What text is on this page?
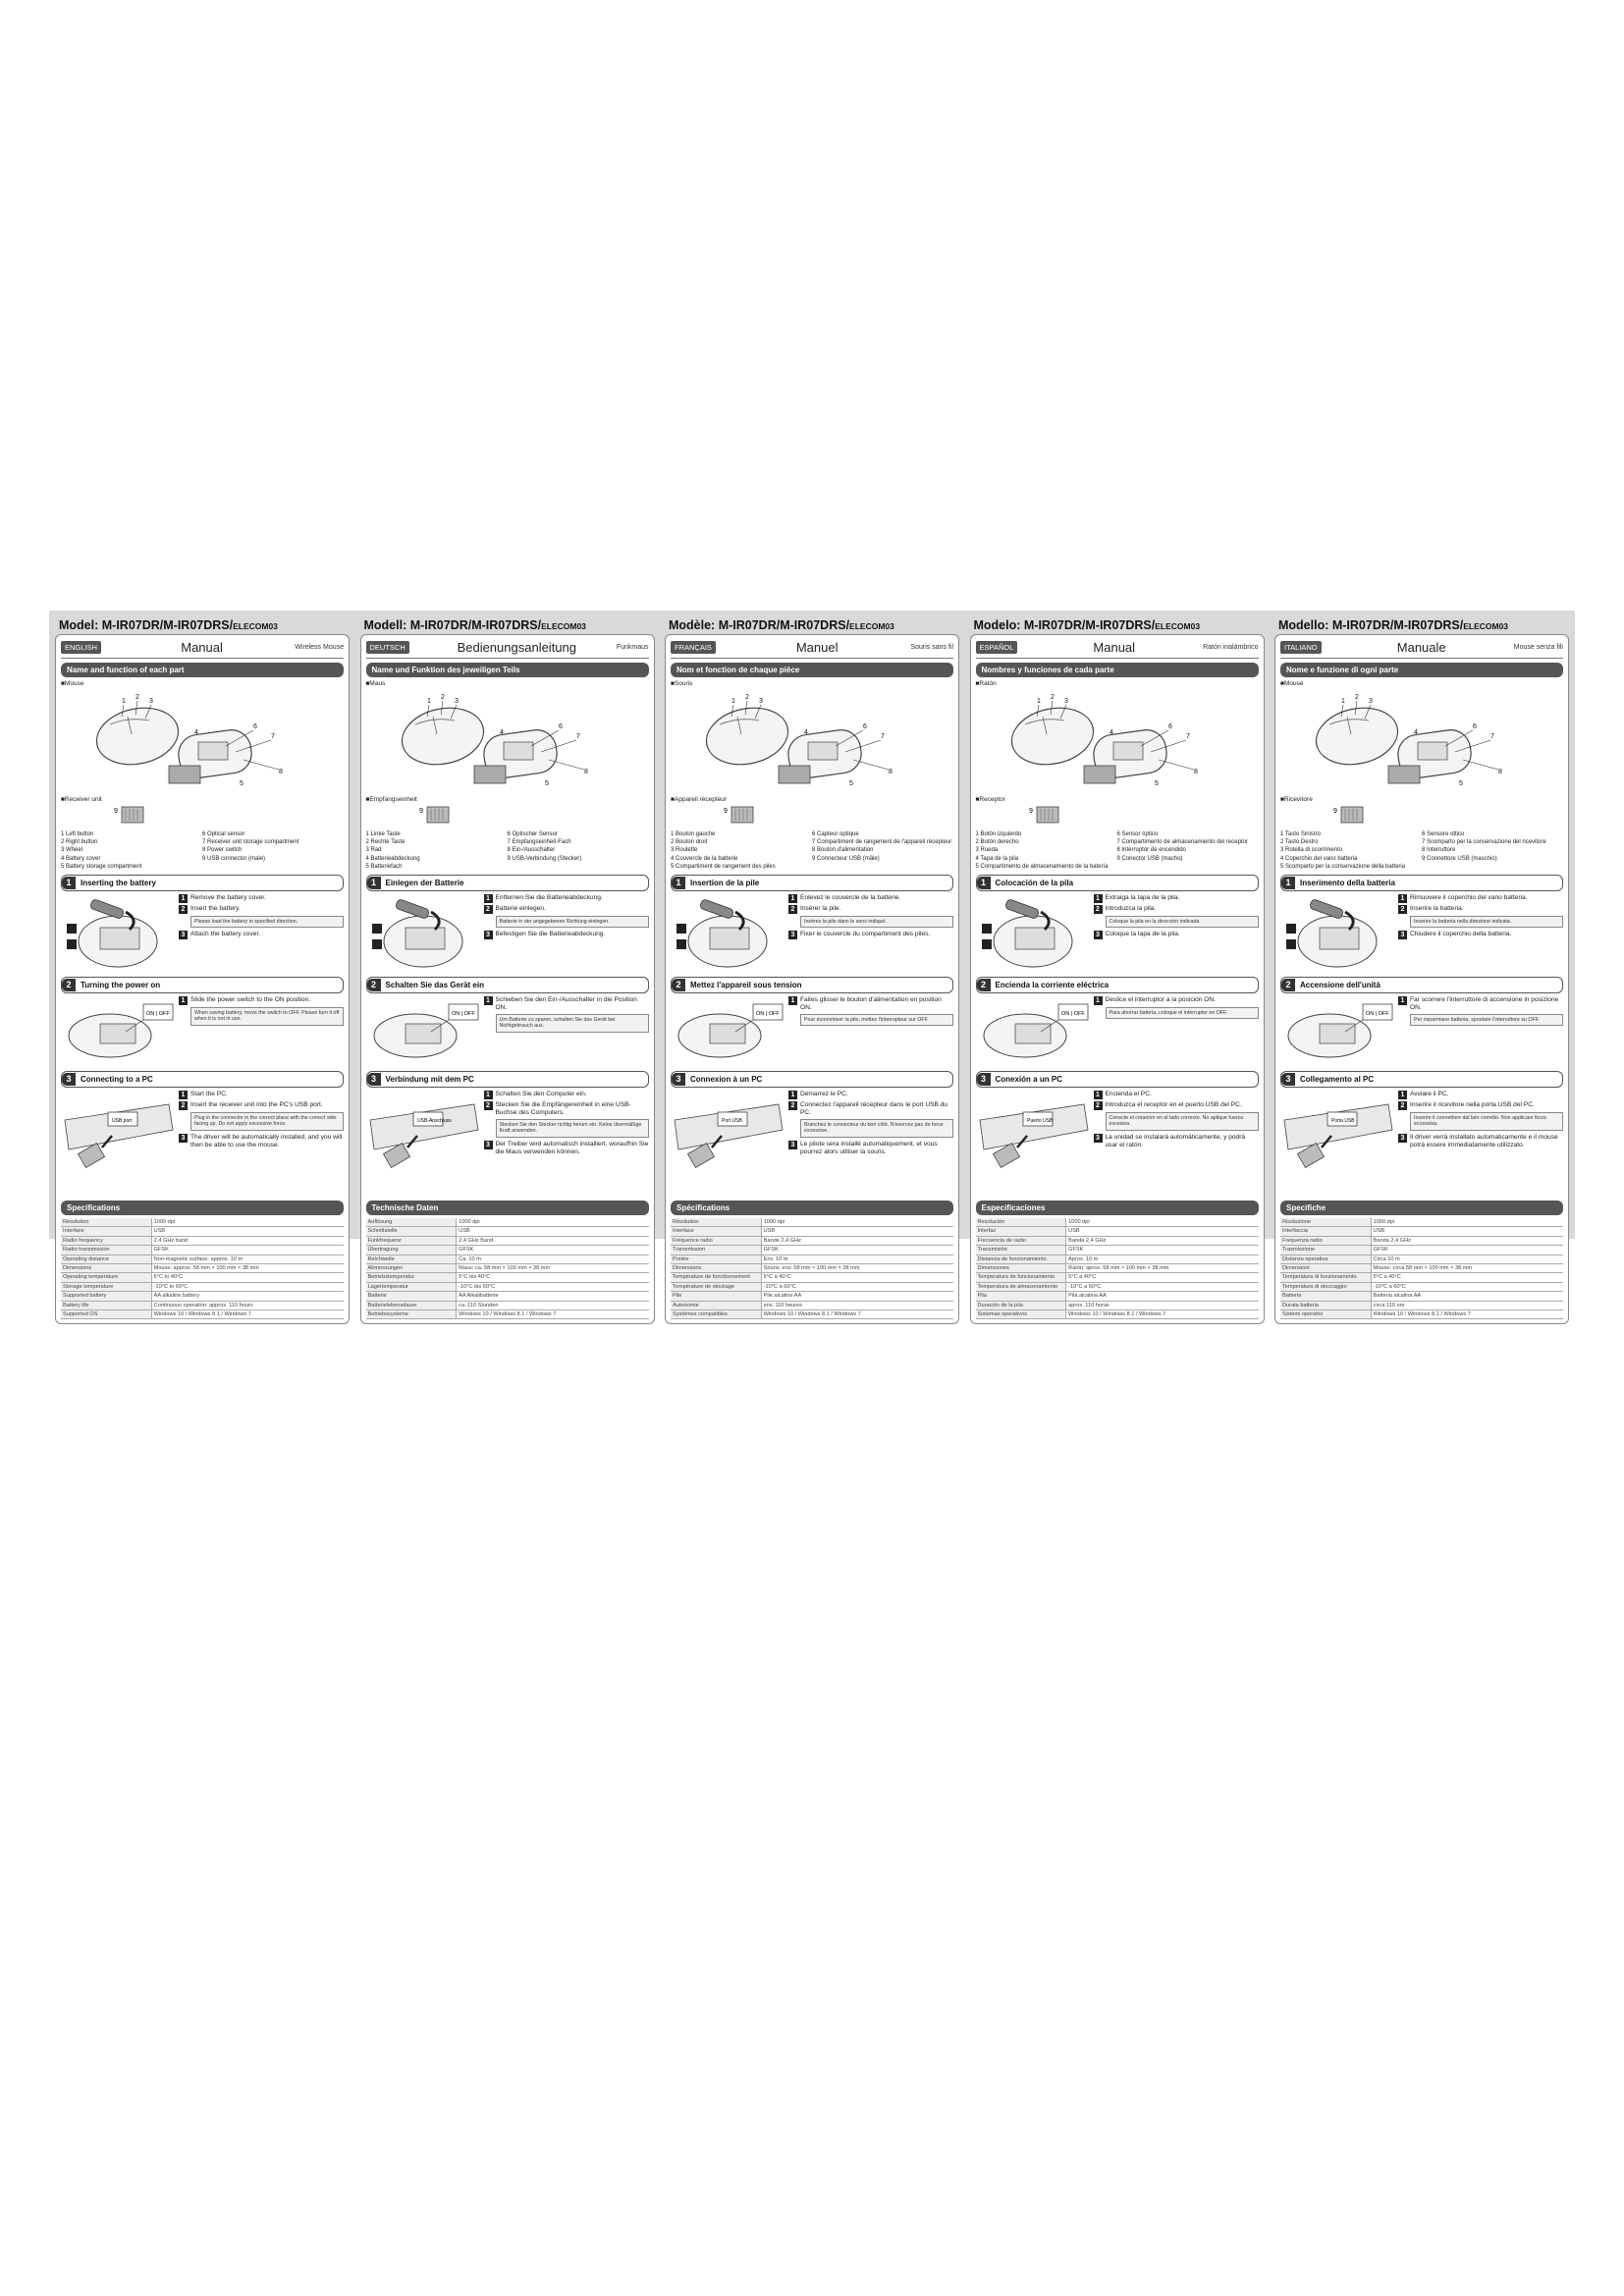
Model: M-IR07DR/M-IR07DRS/ELECOM03
ENGLISH	Manual	Wireless Mouse
Name and function of each part
■Mouse
1
2
3
4
5
6
7
8
■Receiver unit
9
1 Left button
2 Right button
3 Wheel
4 Battery cover
5 Battery storage compartment
6 Optical sensor
7 Receiver unit storage compartment
8 Power switch
9 USB connector (male)
1	Inserting the battery
1 Remove the battery cover.
2 Insert the battery.
Please load the battery in specified direction.
3 Attach the battery cover.
2	Turning the power on
ON | OFF
1 Slide the power switch to the ON position.
When saving battery, move the switch to OFF. Please turn it off when it is not in use.
3	Connecting to a PC
USB port
1 Start the PC.
2 Insert the receiver unit into the PC's USB port.
Plug in the connector in the correct place with the correct side facing up. Do not apply excessive force.
3 The driver will be automatically installed, and you will then be able to use the mouse.
Specifications
Resolution	1000 dpi
Interface	USB
Radio frequency	2.4 GHz band
Radio transmission	GFSK
Operating distance	Non-magnetic surface: approx. 10 m
Dimensions	Mouse: approx. 58 mm × 100 mm × 38 mm
Operating temperature	5°C to 40°C
Storage temperature	-10°C to 60°C
Supported battery	AA alkaline battery
Battery life	Continuous operation: approx. 110 hours
Supported OS	Windows 10 / Windows 8.1 / Windows 7
Modell: M-IR07DR/M-IR07DRS/ELECOM03
DEUTSCH	Bedienungsanleitung	Funkmaus
Name und Funktion des jeweiligen Teils
■Maus
1
2
3
4
5
6
7
8
■Empfangseinheit
9
1 Linke Taste
2 Rechte Taste
3 Rad
4 Batterieabdeckung
5 Batteriefach
6 Optischer Sensor
7 Empfangseinheit-Fach
8 Ein-/Ausschalter
9 USB-Verbindung (Stecker)
1	Einlegen der Batterie
1 Entfernen Sie die Batterieabdeckung.
2 Batterie einlegen.
Batterie in der angegebenen Richtung einlegen.
3 Befestigen Sie die Batterieabdeckung.
2	Schalten Sie das Gerät ein
ON | OFF
1 Schieben Sie den Ein-/Ausschalter in die Position ON.
Um Batterie zu sparen, schalten Sie das Gerät bei Nichtgebrauch aus.
3	Verbindung mit dem PC
USB-Anschluss
1 Schalten Sie den Computer ein.
2 Stecken Sie die Empfängereinheit in eine USB-Buchse des Computers.
Stecken Sie den Stecker richtig herum ein. Keine übermäßige Kraft anwenden.
3 Der Treiber wird automatisch installiert, woraufhin Sie die Maus verwenden können.
Technische Daten
Auflösung	1000 dpi
Schnittstelle	USB
Funkfrequenz	2,4 GHz Band
Übertragung	GFSK
Reichweite	Ca. 10 m
Abmessungen	Maus: ca. 58 mm × 100 mm × 38 mm
Betriebstemperatur	5°C bis 40°C
Lagertemperatur	-10°C bis 60°C
Batterie	AA Alkalibatterie
Batterielebensdauer	ca. 110 Stunden
Betriebssysteme	Windows 10 / Windows 8.1 / Windows 7
Modèle: M-IR07DR/M-IR07DRS/ELECOM03
FRANÇAIS	Manuel	Souris sans fil
Nom et fonction de chaque pièce
■Souris
1
2
3
4
5
6
7
8
■Appareil récepteur
9
1 Bouton gauche
2 Bouton droit
3 Roulette
4 Couvercle de la batterie
5 Compartiment de rangement des piles
6 Capteur optique
7 Compartiment de rangement de l'appareil récepteur
8 Bouton d'alimentation
9 Connecteur USB (mâle)
1	Insertion de la pile
1 Enlevez le couvercle de la batterie.
2 Insérer la pile.
Insérez la pile dans le sens indiqué.
3 Fixer le couvercle du compartiment des piles.
2	Mettez l'appareil sous tension
ON | OFF
1 Faites glisser le bouton d'alimentation en position ON.
Pour économiser la pile, mettez l'interrupteur sur OFF.
3	Connexion à un PC
Port USB
1 Démarrez le PC.
2 Connectez l'appareil récepteur dans le port USB du PC.
Branchez le connecteur du bon côté. N'exercez pas de force excessive.
3 Le pilote sera installé automatiquement, et vous pourrez alors utiliser la souris.
Spécifications
Résolution	1000 dpi
Interface	USB
Fréquence radio	Bande 2,4 GHz
Transmission	GFSK
Portée	Env. 10 m
Dimensions	Souris: env. 58 mm × 100 mm × 38 mm
Température de fonctionnement	5°C à 40°C
Température de stockage	-10°C à 60°C
Pile	Pile alcaline AA
Autonomie	env. 110 heures
Systèmes compatibles	Windows 10 / Windows 8.1 / Windows 7
Modelo: M-IR07DR/M-IR07DRS/ELECOM03
ESPAÑOL	Manual	Ratón inalámbrico
Nombres y funciones de cada parte
■Ratón
1
2
3
4
5
6
7
8
■Receptor
9
1 Botón izquierdo
2 Botón derecho
3 Rueda
4 Tapa de la pila
5 Compartimento de almacenamiento de la batería
6 Sensor óptico
7 Compartimento de almacenamiento del receptor
8 Interruptor de encendido
9 Conector USB (macho)
1	Colocación de la pila
1 Extraiga la tapa de la pila.
2 Introduzca la pila.
Coloque la pila en la dirección indicada.
3 Coloque la tapa de la pila.
2	Encienda la corriente eléctrica
ON | OFF
1 Deslice el interruptor a la posición ON.
Para ahorrar batería, coloque el interruptor en OFF.
3	Conexión a un PC
Puerto USB
1 Encienda el PC.
2 Introduzca el receptor en el puerto USB del PC.
Conecte el conector en el lado correcto. No aplique fuerza excesiva.
3 La unidad se instalará automáticamente, y podrá usar el ratón.
Especificaciones
Resolución	1000 dpi
Interfaz	USB
Frecuencia de radio	Banda 2,4 GHz
Transmisión	GFSK
Distancia de funcionamiento	Aprox. 10 m
Dimensiones	Ratón: aprox. 58 mm × 100 mm × 38 mm
Temperatura de funcionamiento	5°C a 40°C
Temperatura de almacenamiento	-10°C a 60°C
Pila	Pila alcalina AA
Duración de la pila	aprox. 110 horas
Sistemas operativos	Windows 10 / Windows 8.1 / Windows 7
Modello: M-IR07DR/M-IR07DRS/ELECOM03
ITALIANO	Manuale	Mouse senza fili
Nome e funzione di ogni parte
■Mouse
1
2
3
4
5
6
7
8
■Ricevitore
9
1 Tasto Sinistro
2 Tasto Destro
3 Rotella di scorrimento
4 Coperchio del vano batteria
5 Scomparto per la conservazione della batteria
6 Sensore ottico
7 Scomparto per la conservazione del ricevitore
8 Interruttore
9 Connettore USB (maschio)
1	Inserimento della batteria
1 Rimuovere il coperchio del vano batteria.
2 Inserire la batteria.
Inserire la batteria nella direzione indicata.
3 Chiudere il coperchio della batteria.
2	Accensione dell'unità
ON | OFF
1 Far scorrere l'interruttore di accensione in posizione ON.
Per risparmiare batteria, spostare l'interruttore su OFF.
3	Collegamento al PC
Porta USB
1 Avviare il PC.
2 Inserire il ricevitore nella porta USB del PC.
Inserire il connettore dal lato corretto. Non applicare forza eccessiva.
3 Il driver verrà installato automaticamente e il mouse potrà essere immediatamente utilizzato.
Specifiche
Risoluzione	1000 dpi
Interfaccia	USB
Frequenza radio	Banda 2,4 GHz
Trasmissione	GFSK
Distanza operativa	Circa 10 m
Dimensioni	Mouse: circa 58 mm × 100 mm × 38 mm
Temperatura di funzionamento	5°C a 40°C
Temperatura di stoccaggio	-10°C a 60°C
Batteria	Batteria alcalina AA
Durata batteria	circa 110 ore
Sistemi operativi	Windows 10 / Windows 8.1 / Windows 7
